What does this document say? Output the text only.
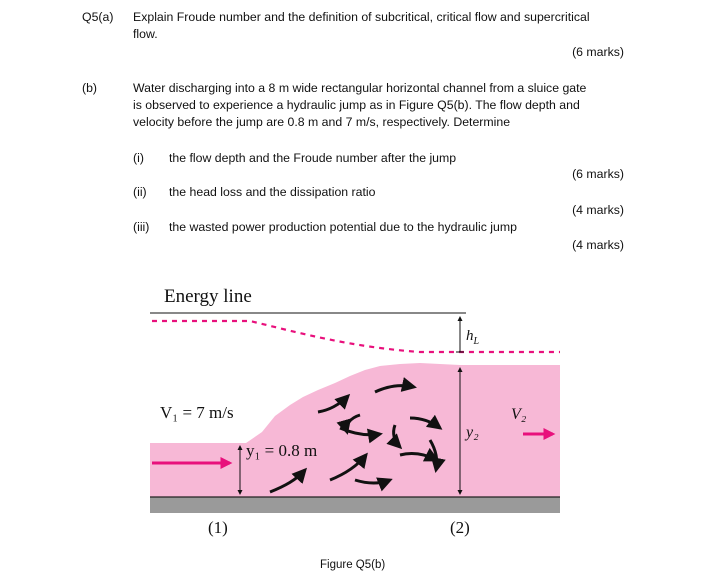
Q5(a) Explain Froude number and the definition of subcritical, critical flow and supercritical

flow.

(6 marks)

(b)	Water discharging into a 8 m wide rectangular horizontal channel from a sluice gate

is observed to experience a hydraulic jump as in Figure Q5(b). The flow depth and

velocity before the jump are 0.8 m and 7 m/s, respectively. Determine

(i) the flow depth and the Froude number after the jump

(6 marks)

(ii) the head loss and the dissipation ratio

(4 marks)

(iii) the wasted power production potential due to the hydraulic jump

(4 marks)

Energy line

$h_L$

V₁ = 7 m/s

y₁ = 0.8 m

y₂

V₂

(1)	(2)

Figure Q5(b)
